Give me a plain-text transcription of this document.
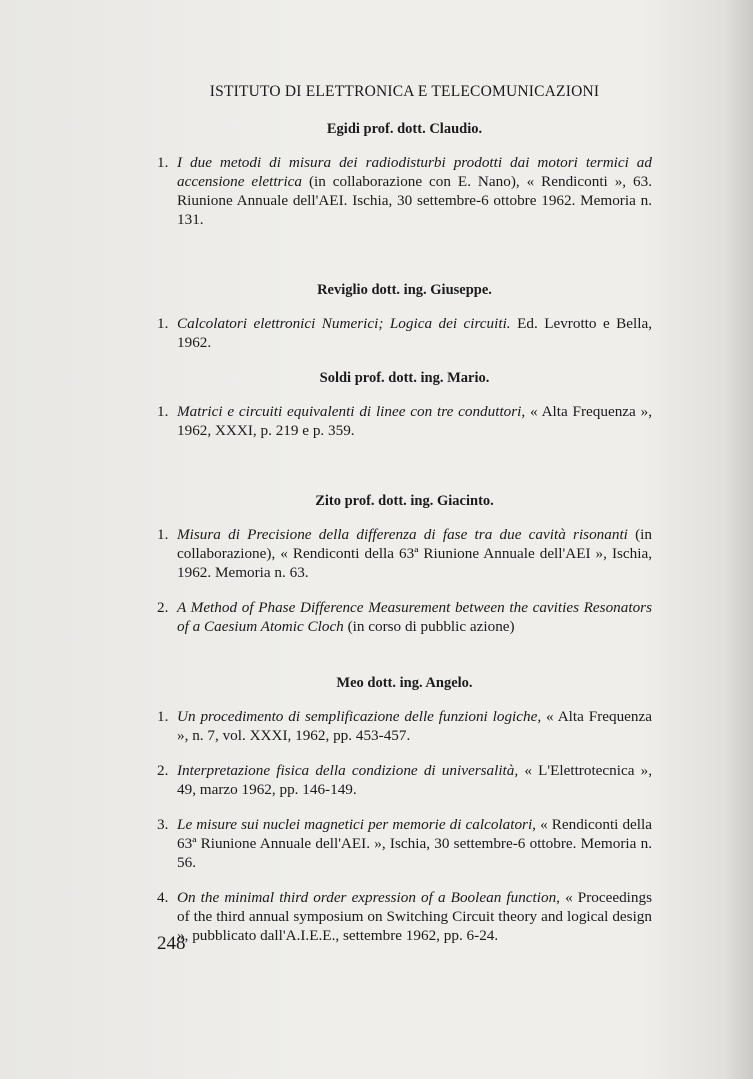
ISTITUTO DI ELETTRONICA E TELECOMUNICAZIONI
Egidi prof. dott. Claudio.
1. I due metodi di misura dei radiodisturbi prodotti dai motori termici ad accensione elettrica (in collaborazione con E. Nano), « Rendiconti », 63. Riunione Annuale dell'AEI. Ischia, 30 settembre-6 ottobre 1962. Memoria n. 131.
Reviglio dott. ing. Giuseppe.
1. Calcolatori elettronici Numerici; Logica dei circuiti. Ed. Levrotto e Bella, 1962.
Soldi prof. dott. ing. Mario.
1. Matrici e circuiti equivalenti di linee con tre conduttori, « Alta Frequenza », 1962, XXXI, p. 219 e p. 359.
Zito prof. dott. ing. Giacinto.
1. Misura di Precisione della differenza di fase tra due cavità risonanti (in collaborazione), « Rendiconti della 63ª Riunione Annuale dell'AEI », Ischia, 1962. Memoria n. 63.
2. A Method of Phase Difference Measurement between the cavities Resonators of a Caesium Atomic Cloch (in corso di pubblic azione)
Meo dott. ing. Angelo.
1. Un procedimento di semplificazione delle funzioni logiche, « Alta Frequenza », n. 7, vol. XXXI, 1962, pp. 453-457.
2. Interpretazione fisica della condizione di universalità, « L'Elettrotecnica », 49, marzo 1962, pp. 146-149.
3. Le misure sui nuclei magnetici per memorie di calcolatori, « Rendiconti della 63ª Riunione Annuale dell'AEI. », Ischia, 30 settembre-6 ottobre. Memoria n. 56.
4. On the minimal third order expression of a Boolean function, « Proceedings of the third annual symposium on Switching Circuit theory and logical design », pubblicato dall'A.I.E.E., settembre 1962, pp. 6-24.
248
